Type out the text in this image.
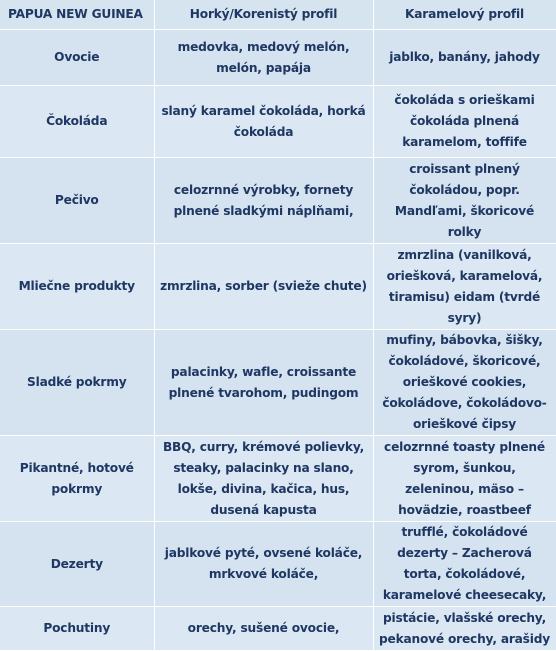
PAPUA NEW GUINEA	Horký/Korenistý profil	Karamelový profil
Ovocie	medovka, medový melón, melón, papája	jablko, banány, jahody
Čokoláda	slaný karamel čokoláda, horká čokoláda	čokoláda s orieškami čokoláda plnená karamelom, toffife
Pečivo	celozrnné výrobky, fornety plnené sladkými náplňami,	croissant plnený čokoládou, popr. Mandľami, škoricové rolky
Mliečne produkty	zmrzlina, sorber (svieže chute)	zmrzlina (vanilková, oriešková, karamelová, tiramisu) eidam (tvrdé syry)
Sladké pokrmy	palacinky, wafle, croissante plnené tvarohom, pudingom	mufiny, bábovka, šišky, čokoládové, škoricové, orieškové cookies, čokoládove, čokoládovo-orieškové čipsy
Pikantné, hotové pokrmy	BBQ, curry, krémové polievky, steaky, palacinky na slano, lokše, divina, kačica, hus, dusená kapusta	celozrnné toasty plnené syrom, šunkou, zeleninou, mäso – hovädzie, roastbeef
Dezerty	jablkové pyté, ovsené koláče, mrkvové koláče,	trufflé, čokoládové dezerty – Zacherová torta, čokoládové, karamelové cheesecaky,
Pochutiny	orechy, sušené ovocie,	pistácie, vlašské orechy, pekanové orechy, arašidy
